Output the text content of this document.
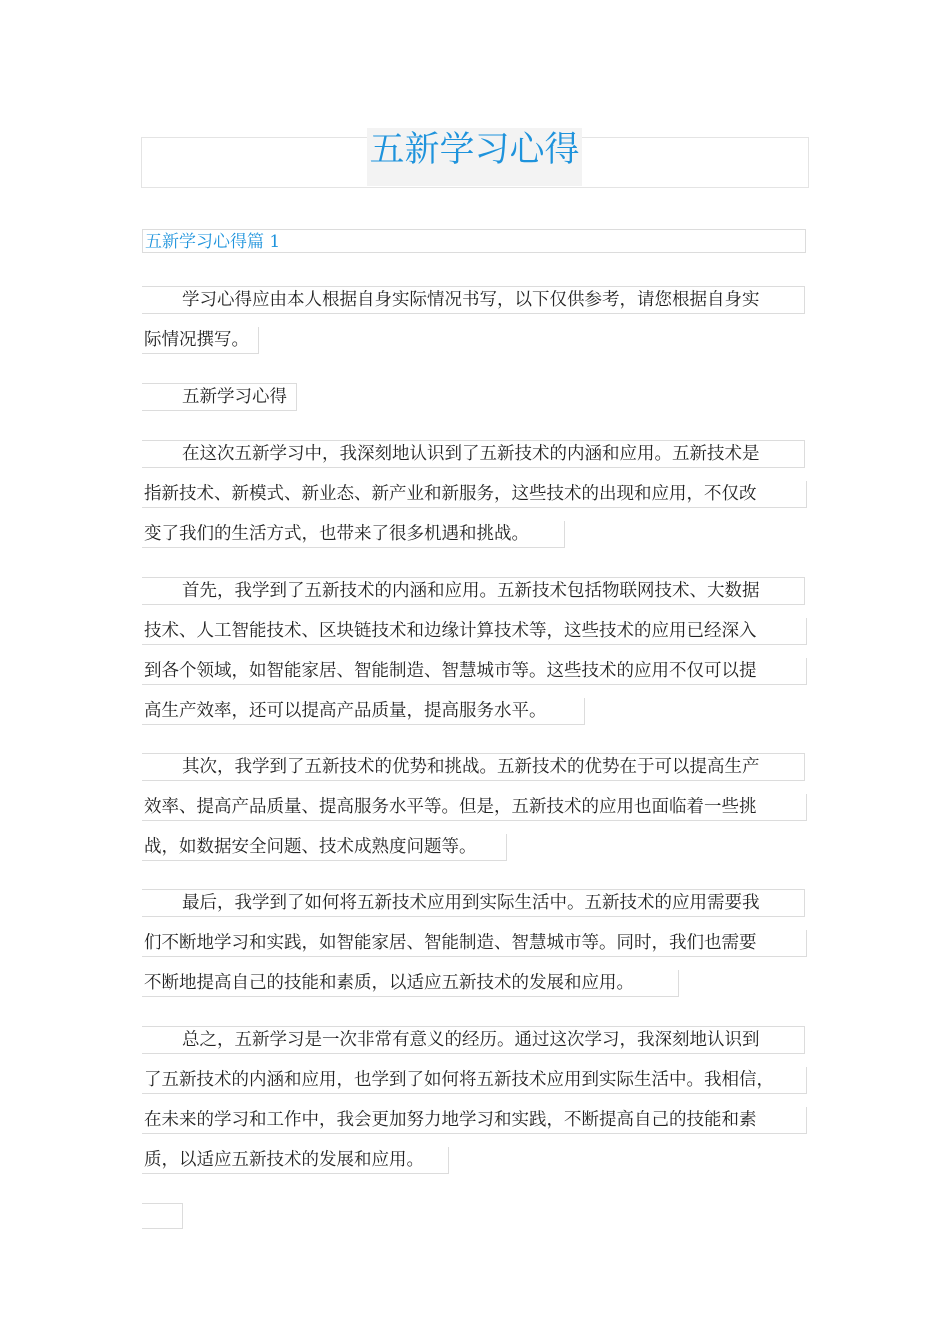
五新学习心得
五新学习心得篇 1
学习心得应由本人根据自身实际情况书写，以下仅供参考，请您根据自身实
际情况撰写。
五新学习心得
在这次五新学习中，我深刻地认识到了五新技术的内涵和应用。五新技术是
指新技术、新模式、新业态、新产业和新服务，这些技术的出现和应用，不仅改
变了我们的生活方式，也带来了很多机遇和挑战。
首先，我学到了五新技术的内涵和应用。五新技术包括物联网技术、大数据
技术、人工智能技术、区块链技术和边缘计算技术等，这些技术的应用已经深入
到各个领域，如智能家居、智能制造、智慧城市等。这些技术的应用不仅可以提
高生产效率，还可以提高产品质量，提高服务水平。
其次，我学到了五新技术的优势和挑战。五新技术的优势在于可以提高生产
效率、提高产品质量、提高服务水平等。但是，五新技术的应用也面临着一些挑
战，如数据安全问题、技术成熟度问题等。
最后，我学到了如何将五新技术应用到实际生活中。五新技术的应用需要我
们不断地学习和实践，如智能家居、智能制造、智慧城市等。同时，我们也需要
不断地提高自己的技能和素质，以适应五新技术的发展和应用。
总之，五新学习是一次非常有意义的经历。通过这次学习，我深刻地认识到
了五新技术的内涵和应用，也学到了如何将五新技术应用到实际生活中。我相信，
在未来的学习和工作中，我会更加努力地学习和实践，不断提高自己的技能和素
质，以适应五新技术的发展和应用。
